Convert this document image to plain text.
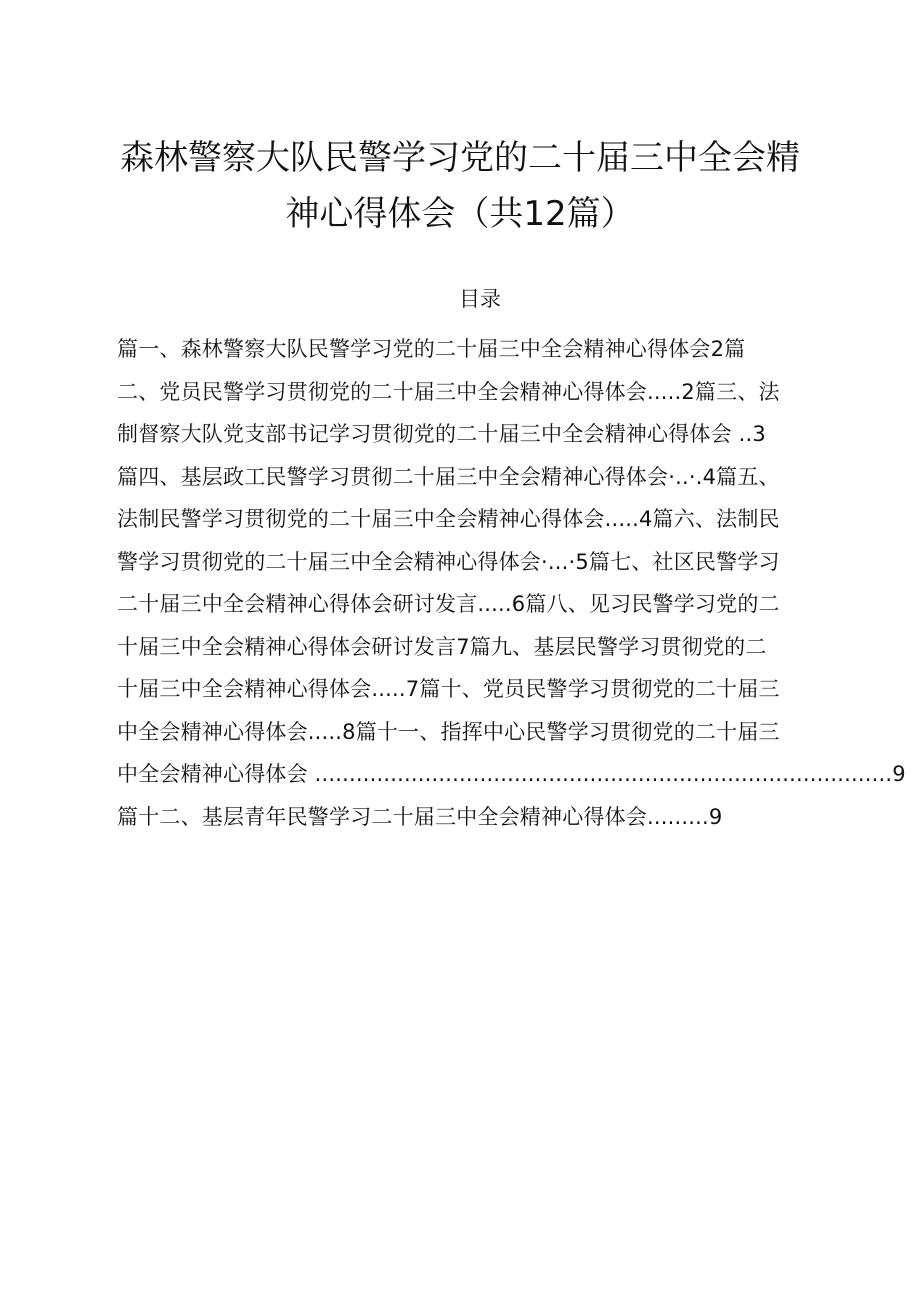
森林警察大队民警学习党的二十届三中全会精
神心得体会（共12篇）
目录
篇一、森林警察大队民警学习党的二十届三中全会精神心得体会2篇
二、党员民警学习贯彻党的二十届三中全会精神心得体会.....2篇三、法
制督察大队党支部书记学习贯彻党的二十届三中全会精神心得体会 ..3
篇四、基层政工民警学习贯彻二十届三中全会精神心得体会·..·.4篇五、
法制民警学习贯彻党的二十届三中全会精神心得体会.....4篇六、法制民
警学习贯彻党的二十届三中全会精神心得体会·...·5篇七、社区民警学习
二十届三中全会精神心得体会研讨发言.....6篇八、见习民警学习党的二
十届三中全会精神心得体会研讨发言7篇九、基层民警学习贯彻党的二
十届三中全会精神心得体会.....7篇十、党员民警学习贯彻党的二十届三
中全会精神心得体会.....8篇十一、指挥中心民警学习贯彻党的二十届三
中全会精神心得体会 ....................................................................................9
篇十二、基层青年民警学习二十届三中全会精神心得体会.........9
